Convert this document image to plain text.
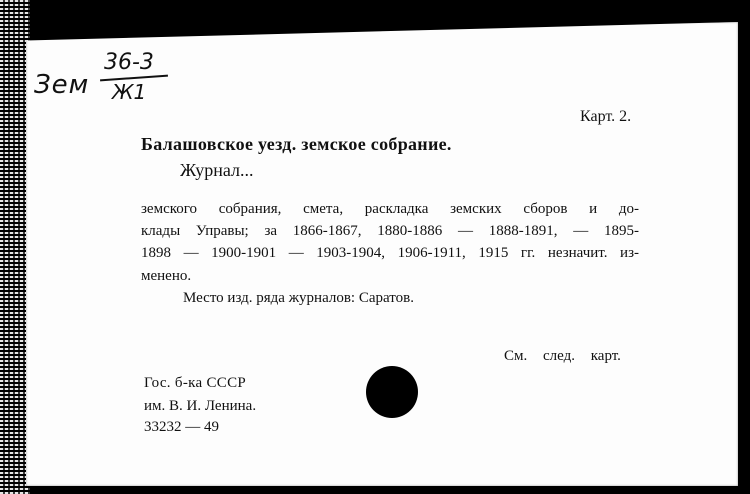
Зем
36-3
Ж1
Карт. 2.
Балашовское уезд. земское собрание.
Журнал...
земского собрания, смета, раскладка земских сборов и до-
клады Управы; за 1866-1867, 1880-1886 — 1888-1891, — 1895-
1898 — 1900-1901 — 1903-1904, 1906-1911, 1915 гг. незначит. из-
менено.
Место изд. ряда журналов: Саратов.
См. след. карт.
Гос. б-ка СССР
им. В. И. Ленина.
33232 — 49
